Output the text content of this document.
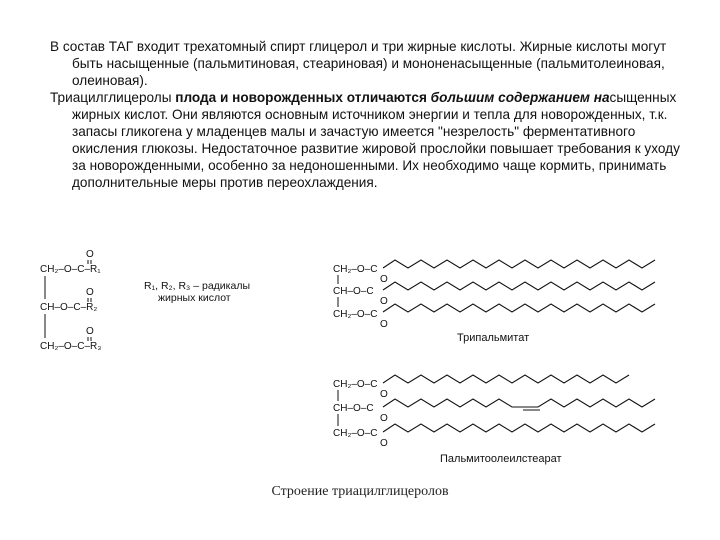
В состав ТАГ входит трехатомный спирт глицерол и три жирные кислоты. Жирные кислоты могут быть насыщенные (пальмитиновая, стеариновая) и мононенасыщенные (пальмитолеиновая, олеиновая).

Триацилглицеролы плода и новорожденных отличаются большим содержанием насыщенных жирных кислот. Они являются основным источником энергии и тепла для новорожденных, т.к. запасы гликогена у младенцев малы и зачастую имеется "незрелость" ферментативного окисления глюкозы. Недостаточное развитие жировой прослойки повышает требования к уходу за новорожденными, особенно за недоношенными. Их необходимо чаще кормить, принимать дополнительные меры против переохлаждения.

CH₂–O–C–R₁
CH–O–C–R₂
CH₂–O–C–R₃
O
O
O
R₁, R₂, R₃ – радикалы
жирных кислот
CH₂–O–C
CH–O–C
CH₂–O–C
O
O
O
Трипальмитат
CH₂–O–C
CH–O–C
CH₂–O–C
O
O
O
Пальмитоолеилстеарат
Строение триацилглицеролов
